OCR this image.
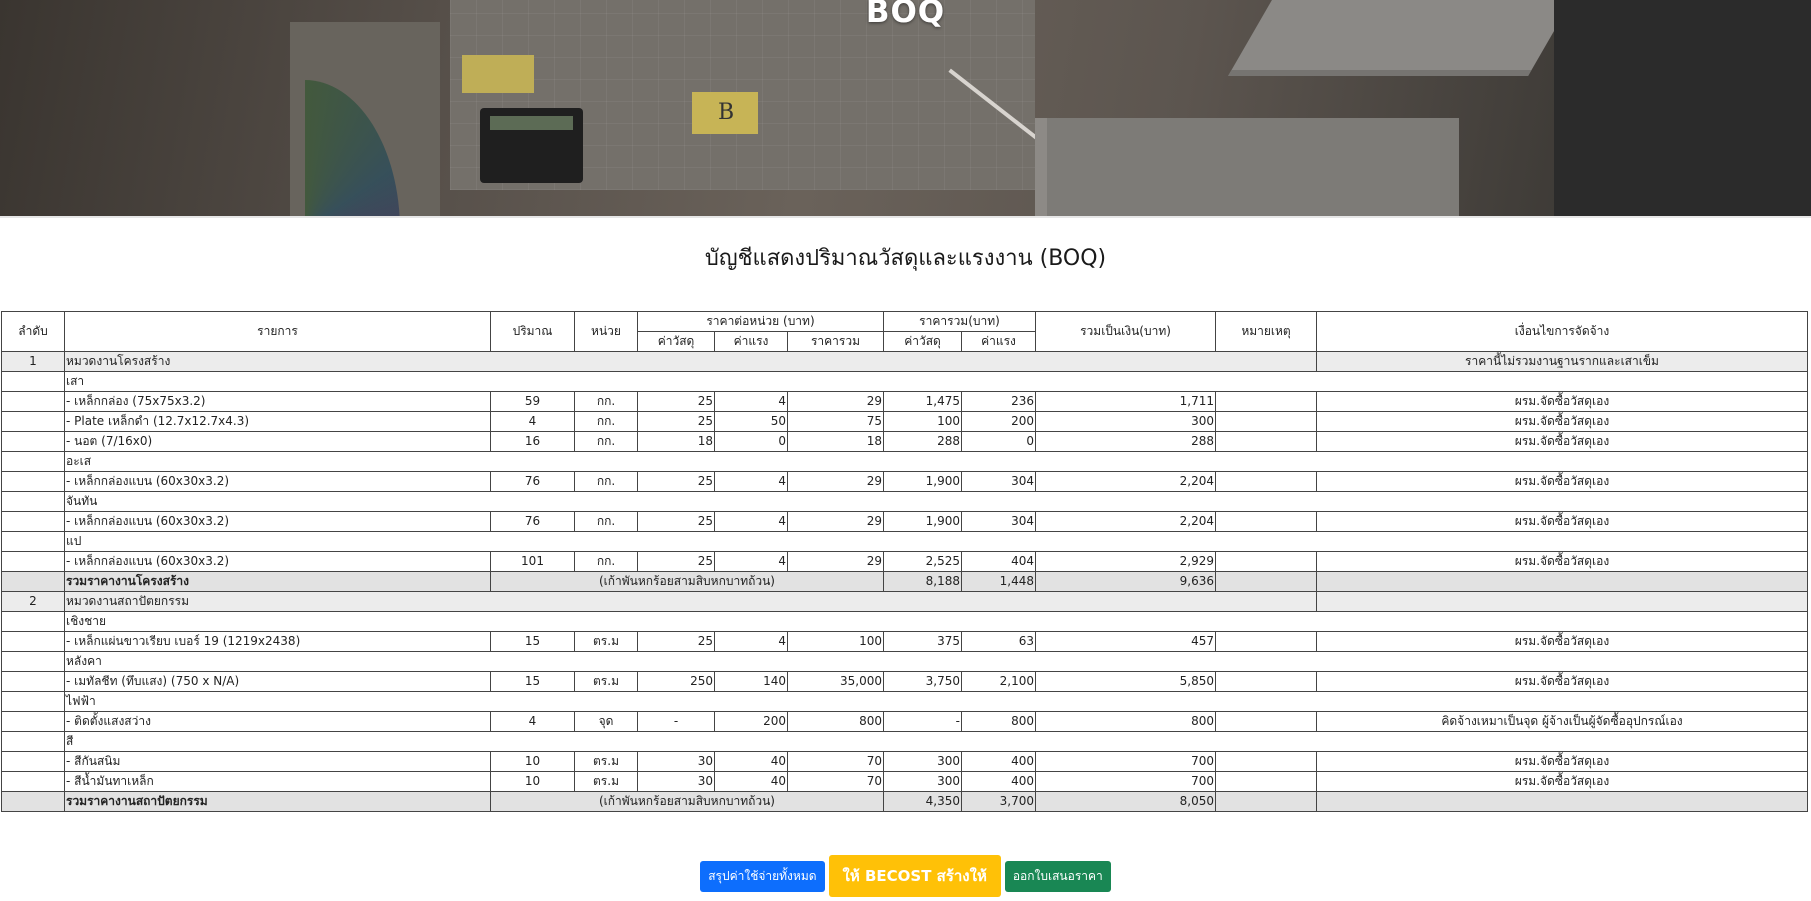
B
BOQ
บัญชีแสดงปริมาณวัสดุและแรงงาน (BOQ)
ลำดับ	รายการ	ปริมาณ	หน่วย	ราคาต่อหน่วย (บาท)			ราคารวม(บาท)		รวมเป็นเงิน(บาท)	หมายเหตุ	เงื่อนไขการจัดจ้าง
				ค่าวัสดุ	ค่าแรง	ราคารวม	ค่าวัสดุ	ค่าแรง			
1	หมวดงานโครงสร้าง										ราคานี้ไม่รวมงานฐานรากและเสาเข็ม
	เสา										
	- เหล็กกล่อง (75x75x3.2)	59	กก.	25	4	29	1,475	236	1,711		ผรม.จัดซื้อวัสดุเอง
	- Plate เหล็กดำ (12.7x12.7x4.3)	4	กก.	25	50	75	100	200	300		ผรม.จัดซื้อวัสดุเอง
	- นอต (7/16x0)	16	กก.	18	0	18	288	0	288		ผรม.จัดซื้อวัสดุเอง
	อะเส										
	- เหล็กกล่องแบน (60x30x3.2)	76	กก.	25	4	29	1,900	304	2,204		ผรม.จัดซื้อวัสดุเอง
	จันทัน										
	- เหล็กกล่องแบน (60x30x3.2)	76	กก.	25	4	29	1,900	304	2,204		ผรม.จัดซื้อวัสดุเอง
	แป										
	- เหล็กกล่องแบน (60x30x3.2)	101	กก.	25	4	29	2,525	404	2,929		ผรม.จัดซื้อวัสดุเอง
	รวมราคางานโครงสร้าง	(เก้าพันหกร้อยสามสิบหกบาทถ้วน)					8,188	1,448	9,636		
2	หมวดงานสถาปัตยกรรม										
	เชิงชาย										
	- เหล็กแผ่นขาวเรียบ เบอร์ 19 (1219x2438)	15	ตร.ม	25	4	100	375	63	457		ผรม.จัดซื้อวัสดุเอง
	หลังคา										
	- เมทัลชีท (ทึบแสง) (750 x N/A)	15	ตร.ม	250	140	35,000	3,750	2,100	5,850		ผรม.จัดซื้อวัสดุเอง
	ไฟฟ้า										
	- ติดตั้งแสงสว่าง	4	จุด	-	200	800	-	800	800		คิดจ้างเหมาเป็นจุด ผู้จ้างเป็นผู้จัดซื้ออุปกรณ์เอง
	สี										
	- สีกันสนิม	10	ตร.ม	30	40	70	300	400	700		ผรม.จัดซื้อวัสดุเอง
	- สีน้ำมันทาเหล็ก	10	ตร.ม	30	40	70	300	400	700		ผรม.จัดซื้อวัสดุเอง
	รวมราคางานสถาปัตยกรรม	(เก้าพันหกร้อยสามสิบหกบาทถ้วน)					4,350	3,700	8,050		
สรุปค่าใช้จ่ายทั้งหมด ให้ BECOST สร้างให้ ออกใบเสนอราคา
